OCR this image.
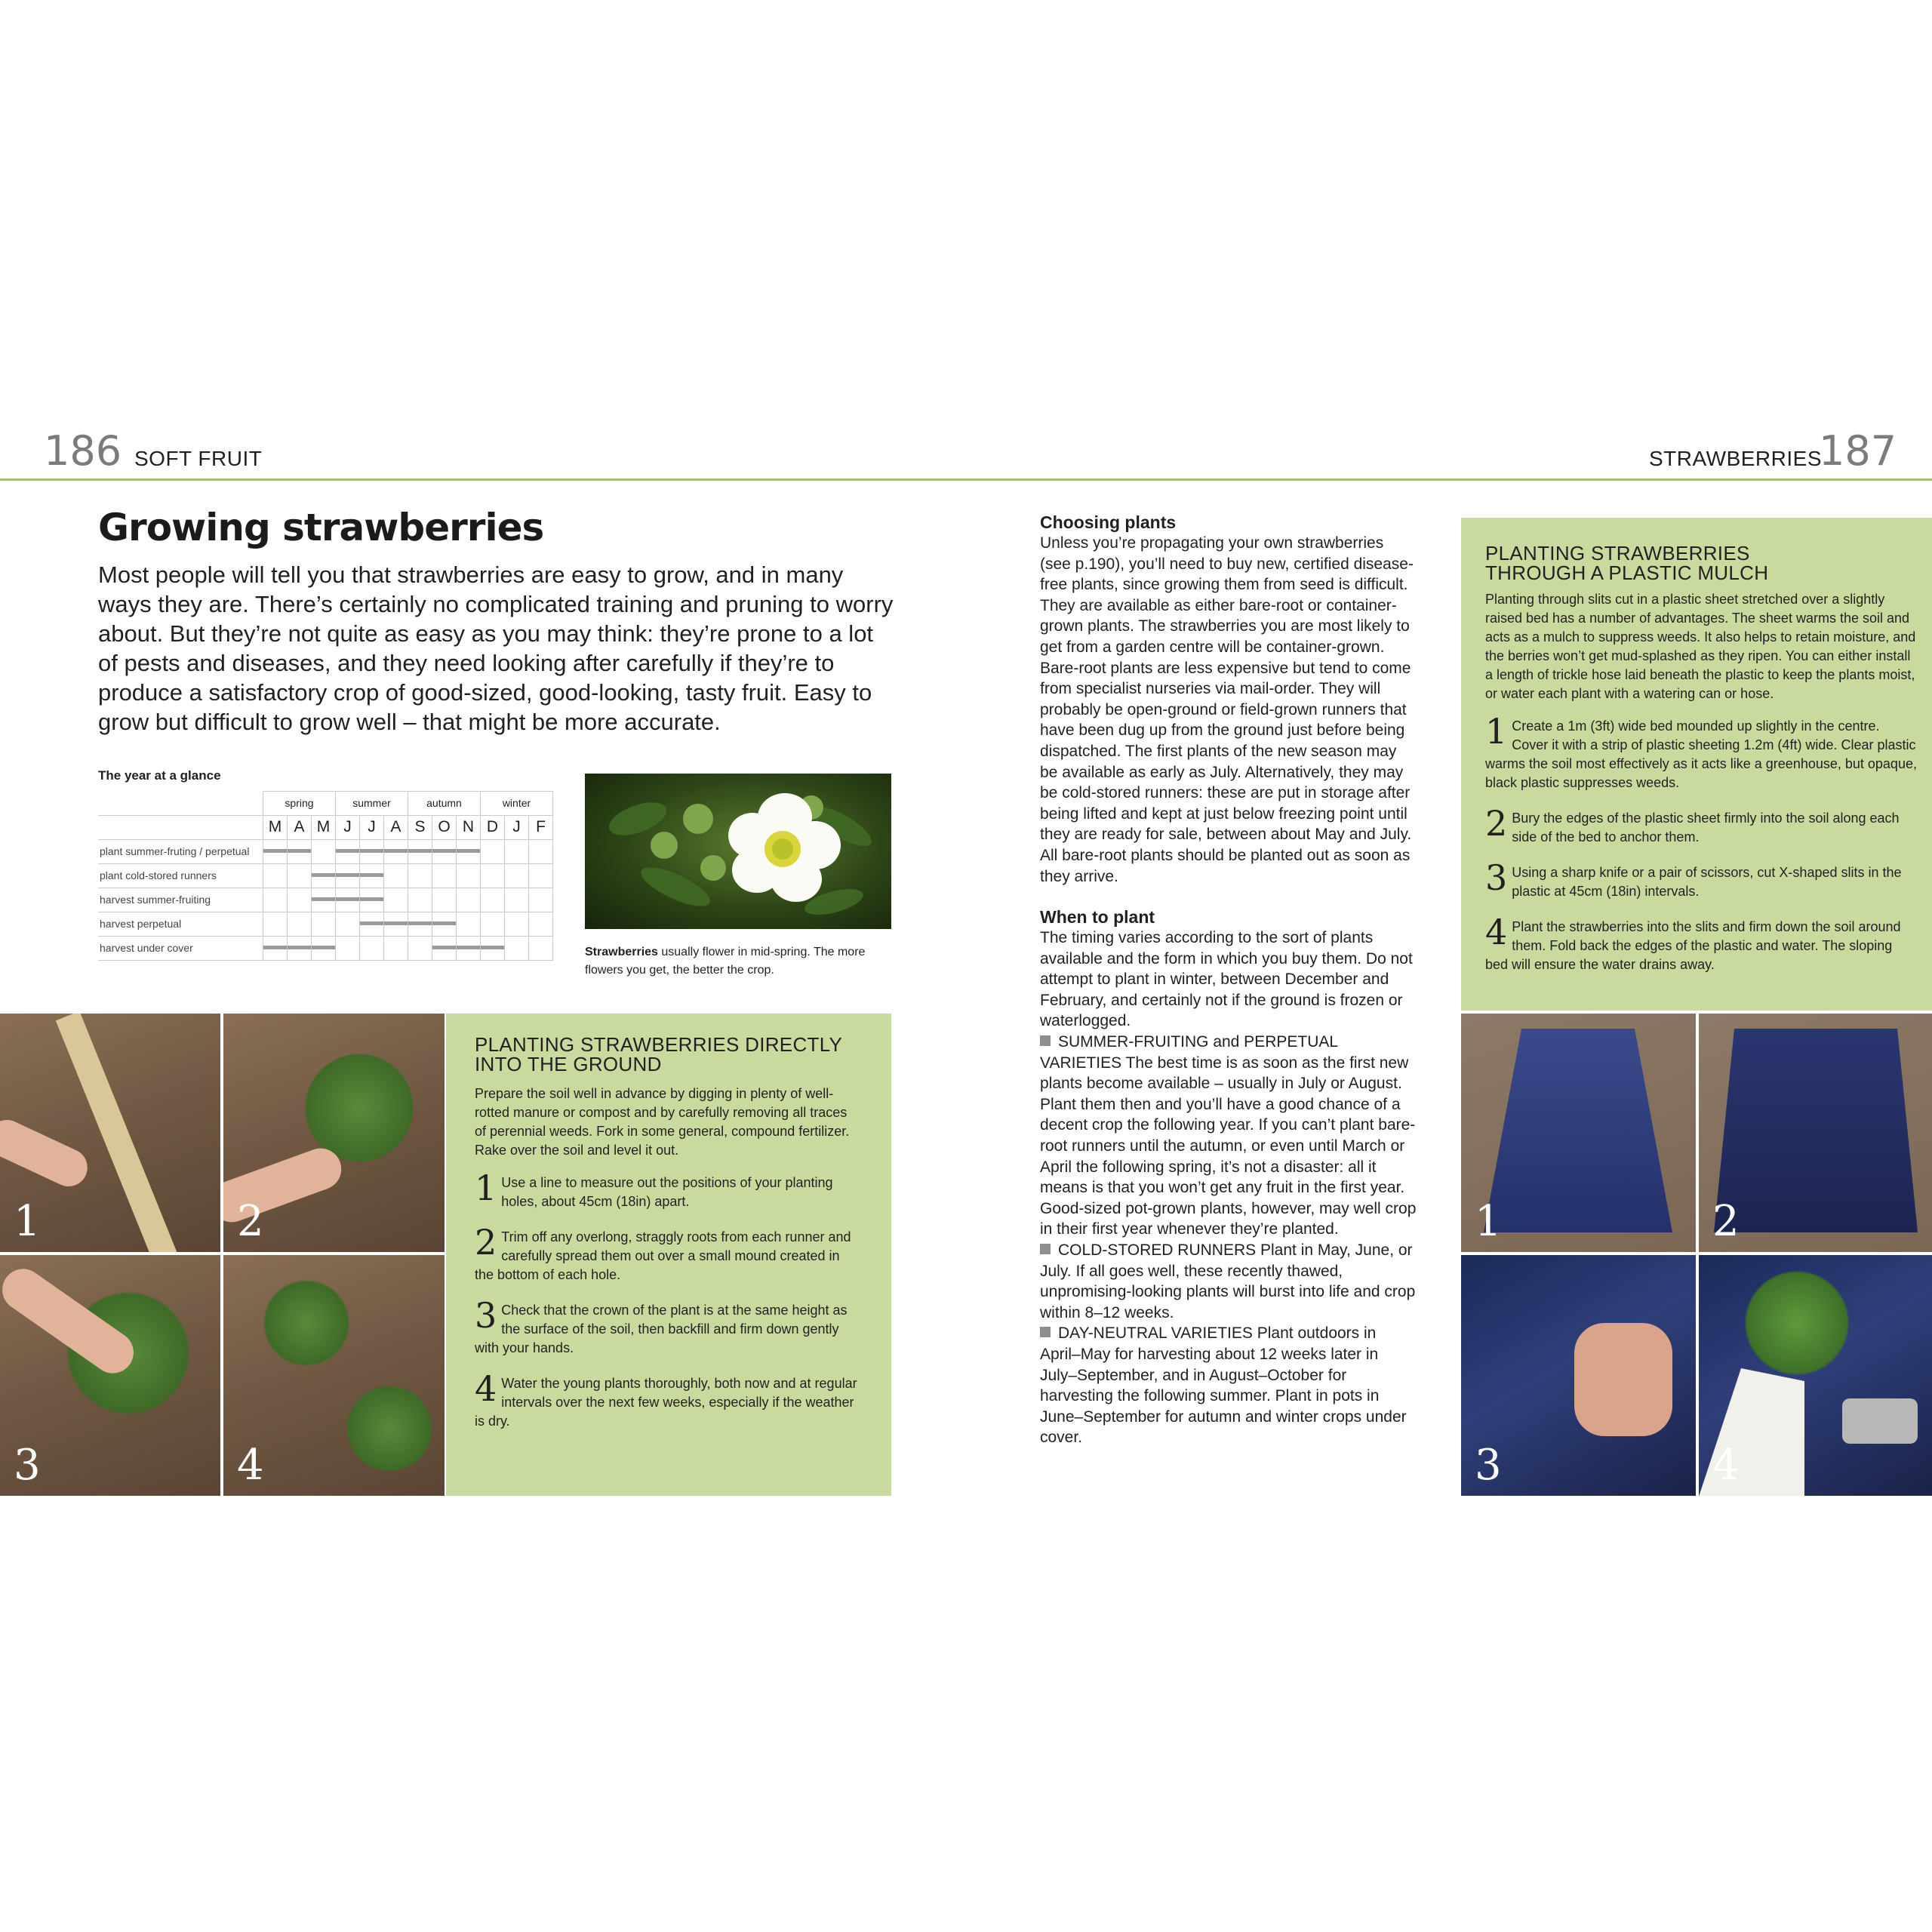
186 SOFT FRUIT	STRAWBERRIES
187
Growing strawberries

Most people will tell you that strawberries are easy to grow, and in many ways they are. There’s certainly no complicated training and pruning to worry about. But they’re not quite as easy as you may think: they’re prone to a lot of pests and diseases, and they need looking after carefully if they’re to produce a satisfactory crop of good-sized, good-looking, tasty fruit. Easy to grow but difficult to grow well – that might be more accurate.

The year at a glance
	spring			summer			autumn			winter		
	M	A	M	J	J	A	S	O	N	D	J	F
plant summer-fruting / perpetual	

plant cold-stored runners			

harvest summer-fruiting			

harvest perpetual					

harvest under cover	

			Strawberries usually flower in mid-spring. The more flowers you get, the better the crop.
1	2
3	4

PLANTING STRAWBERRIES DIRECTLY
INTO THE GROUND

Prepare the soil well in advance by digging in plenty of well-rotted manure or compost and by carefully removing all traces of perennial weeds. Fork in some general, compound fertilizer. Rake over the soil and level it out.

1 Use a line to measure out the positions of your planting holes, about 45cm (18in) apart.
2 Trim off any overlong, straggly roots from each runner and carefully spread them out over a small mound created in the bottom of each hole.
3 Check that the crown of the plant is at the same height as the surface of the soil, then backfill and firm down gently with your hands.
4 Water the young plants thoroughly, both now and at regular intervals over the next few weeks, especially if the weather is dry.
Choosing plants

Unless you’re propagating your own strawberries (see p.190), you’ll need to buy new, certified disease-free plants, since growing them from seed is difficult. They are available as either bare-root or container-grown plants. The strawberries you are most likely to get from a garden centre will be container-grown. Bare-root plants are less expensive but tend to come from specialist nurseries via mail-order. They will probably be open-ground or field-grown runners that have been dug up from the ground just before being dispatched. The first plants of the new season may be available as early as July. Alternatively, they may be cold-stored runners: these are put in storage after being lifted and kept at just below freezing point until they are ready for sale, between about May and July. All bare-root plants should be planted out as soon as they arrive.

When to plant

The timing varies according to the sort of plants available and the form in which you buy them. Do not attempt to plant in winter, between December and February, and certainly not if the ground is frozen or waterlogged.

SUMMER-FRUITING and PERPETUAL VARIETIES The best time is as soon as the first new plants become available – usually in July or August. Plant them then and you’ll have a good chance of a decent crop the following year. If you can’t plant bare-root runners until the autumn, or even until March or April the following spring, it’s not a disaster: all it means is that you won’t get any fruit in the first year. Good-sized pot-grown plants, however, may well crop in their first year whenever they’re planted.

COLD-STORED RUNNERS Plant in May, June, or July. If all goes well, these recently thawed, unpromising-looking plants will burst into life and crop within 8–12 weeks.

DAY-NEUTRAL VARIETIES Plant outdoors in April–May for harvesting about 12 weeks later in July–September, and in August–October for harvesting the following summer. Plant in pots in June–September for autumn and winter crops under cover.

PLANTING STRAWBERRIES
THROUGH A PLASTIC MULCH

Planting through slits cut in a plastic sheet stretched over a slightly raised bed has a number of advantages. The sheet warms the soil and acts as a mulch to suppress weeds. It also helps to retain moisture, and the berries won’t get mud-splashed as they ripen. You can either install a length of trickle hose laid beneath the plastic to keep the plants moist, or water each plant with a watering can or hose.

1 Create a 1m (3ft) wide bed mounded up slightly in the centre. Cover it with a strip of plastic sheeting 1.2m (4ft) wide. Clear plastic warms the soil most effectively as it acts like a greenhouse, but opaque, black plastic suppresses weeds.
2 Bury the edges of the plastic sheet firmly into the soil along each side of the bed to anchor them.
3 Using a sharp knife or a pair of scissors, cut X-shaped slits in the plastic at 45cm (18in) intervals.
4 Plant the strawberries into the slits and firm down the soil around them. Fold back the edges of the plastic and water. The sloping bed will ensure the water drains away.
1	2
3	4
